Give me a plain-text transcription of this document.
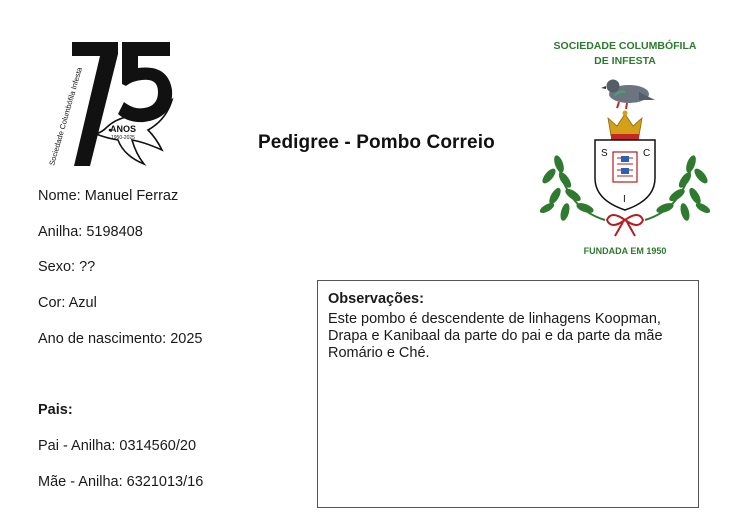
ANOS
1950-2025
Sociedade Columbófila Infesta	Pedigree - Pombo Correio
SOCIEDADE COLUMBÓFILA
DE INFESTA
S	C
I
FUNDADA EM 1950
Nome: Manuel Ferraz
Anilha: 5198408
Sexo: ??
Cor: Azul
Ano de nascimento: 2025
Pais:
Pai - Anilha: 0314560/20
Mãe - Anilha: 6321013/16

Observações:

Este pombo é descendente de linhagens Koopman, Drapa e Kanibaal da parte do pai e da parte da mãe Romário e Ché.
